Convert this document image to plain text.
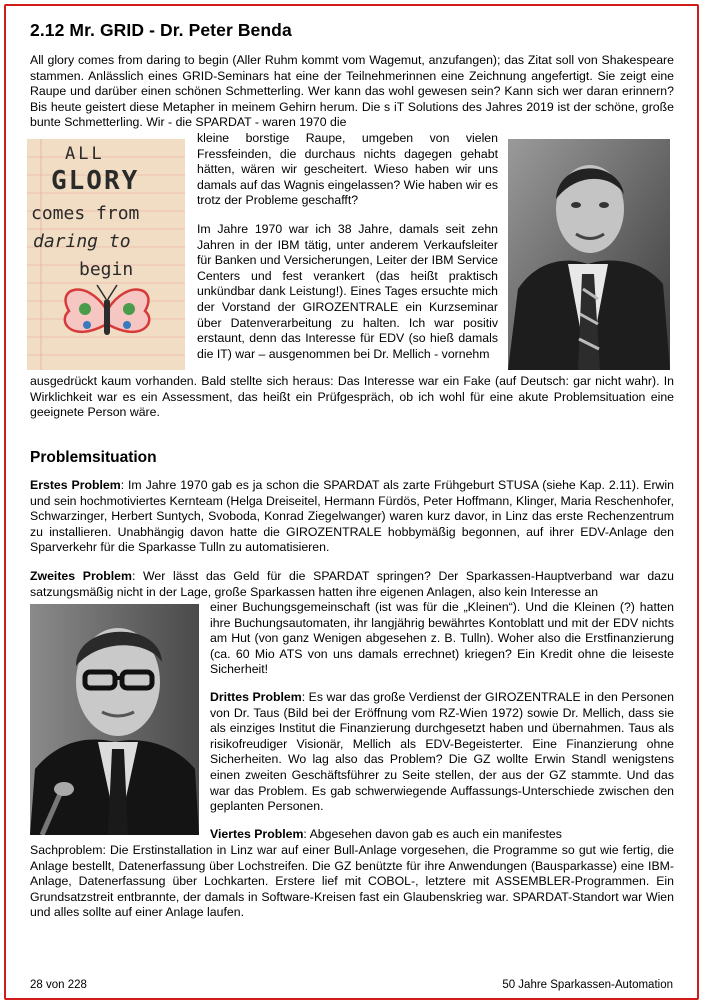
2.12 Mr. GRID - Dr. Peter Benda

All glory comes from daring to begin (Aller Ruhm kommt vom Wagemut, anzufangen); das Zitat soll von Shakespeare stammen. Anlässlich eines GRID-Seminars hat eine der Teilnehmerinnen eine Zeichnung angefertigt. Sie zeigt eine Raupe und darüber einen schönen Schmetterling. Wer kann das wohl gewesen sein? Kann sich wer daran erinnern? Bis heute geistert diese Metapher in meinem Gehirn herum. Die s iT Solutions des Jahres 2019 ist der schöne, große bunte Schmetterling. Wir - die SPARDAT - waren 1970 die

ALL
GLORY
comes from
daring to
begin

kleine borstige Raupe, umgeben von vielen Fressfeinden, die durchaus nichts dagegen gehabt hätten, wären wir gescheitert. Wieso haben wir uns damals auf das Wagnis eingelassen? Wie haben wir es trotz der Probleme geschafft?

Im Jahre 1970 war ich 38 Jahre, damals seit zehn Jahren in der IBM tätig, unter anderem Verkaufsleiter für Banken und Versicherungen, Leiter der IBM Service Centers und fest verankert (das heißt praktisch unkündbar dank Leistung!). Eines Tages ersuchte mich der Vorstand der GIROZENTRALE ein Kurzseminar über Datenverarbeitung zu halten. Ich war positiv erstaunt, denn das Interesse für EDV (so hieß damals die IT) war – ausgenommen bei Dr. Mellich - vornehm

ausgedrückt kaum vorhanden. Bald stellte sich heraus: Das Interesse war ein Fake (auf Deutsch: gar nicht wahr). In Wirklichkeit war es ein Assessment, das heißt ein Prüfgespräch, ob ich wohl für eine akute Problemsituation eine geeignete Person wäre.

Problemsituation

Erstes Problem: Im Jahre 1970 gab es ja schon die SPARDAT als zarte Frühgeburt STUSA (siehe Kap. 2.11). Erwin und sein hochmotiviertes Kernteam (Helga Dreiseitel, Hermann Fürdös, Peter Hoffmann, Klinger, Maria Reschenhofer, Schwarzinger, Herbert Suntych, Svoboda, Konrad Ziegelwanger) waren kurz davor, in Linz das erste Rechenzentrum zu installieren. Unabhängig davon hatte die GIROZENTRALE hobbymäßig begonnen, auf ihrer EDV-Anlage den Sparverkehr für die Sparkasse Tulln zu automatisieren.

Zweites Problem: Wer lässt das Geld für die SPARDAT springen? Der Sparkassen-Hauptverband war dazu satzungsmäßig nicht in der Lage, große Sparkassen hatten ihre eigenen Anlagen, also kein Interesse an

einer Buchungsgemeinschaft (ist was für die „Kleinen“). Und die Kleinen (?) hatten ihre Buchungsautomaten, ihr langjährig bewährtes Kontoblatt und mit der EDV nichts am Hut (von ganz Wenigen abgesehen z. B. Tulln). Woher also die Erstfinanzierung (ca. 60 Mio ATS von uns damals errechnet) kriegen? Ein Kredit ohne die leiseste Sicherheit!

Drittes Problem: Es war das große Verdienst der GIROZENTRALE in den Personen von Dr. Taus (Bild bei der Eröffnung vom RZ-Wien 1972) sowie Dr. Mellich, dass sie als einziges Institut die Finanzierung durchgesetzt haben und übernahmen. Taus als risikofreudiger Visionär, Mellich als EDV-Begeisterter. Eine Finanzierung ohne Sicherheiten. Wo lag also das Problem? Die GZ wollte Erwin Standl wenigstens einen zweiten Geschäftsführer zu Seite stellen, der aus der GZ stammte. Und das war das Problem. Es gab schwerwiegende Auffassungs-Unterschiede zwischen den geplanten Personen.

Viertes Problem: Abgesehen davon gab es auch ein manifestes

Sachproblem: Die Erstinstallation in Linz war auf einer Bull-Anlage vorgesehen, die Programme so gut wie fertig, die Anlage bestellt, Datenerfassung über Lochstreifen. Die GZ benützte für ihre Anwendungen (Bausparkasse) eine IBM-Anlage, Datenerfassung über Lochkarten. Erstere lief mit COBOL-, letztere mit ASSEMBLER-Programmen. Ein Grundsatzstreit entbrannte, der damals in Software-Kreisen fast ein Glaubenskrieg war. SPARDAT-Standort war Wien und alles sollte auf einer Anlage laufen.

28 von 228	50 Jahre Sparkassen-Automation
